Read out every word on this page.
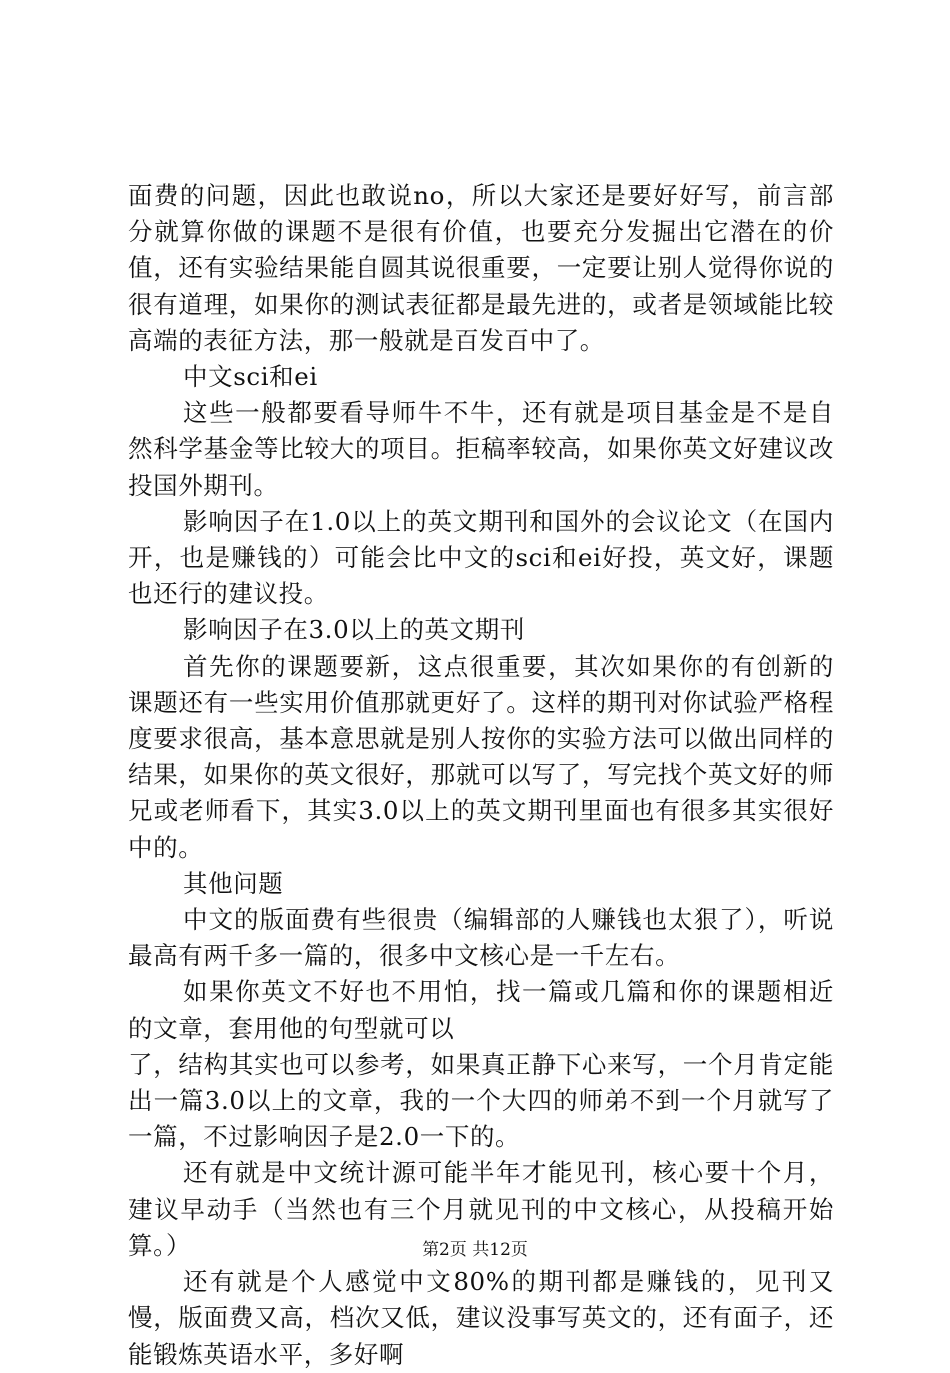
面费的问题，因此也敢说no，所以大家还是要好好写，前言部分就算你做的课题不是很有价值，也要充分发掘出它潜在的价值，还有实验结果能自圆其说很重要，一定要让别人觉得你说的很有道理，如果你的测试表征都是最先进的，或者是领域能比较高端的表征方法，那一般就是百发百中了。

中文sci和ei

这些一般都要看导师牛不牛，还有就是项目基金是不是自然科学基金等比较大的项目。拒稿率较高，如果你英文好建议改投国外期刊。

影响因子在1.0以上的英文期刊和国外的会议论文（在国内开，也是赚钱的）可能会比中文的sci和ei好投，英文好，课题也还行的建议投。

影响因子在3.0以上的英文期刊

首先你的课题要新，这点很重要，其次如果你的有创新的课题还有一些实用价值那就更好了。这样的期刊对你试验严格程度要求很高，基本意思就是别人按你的实验方法可以做出同样的结果，如果你的英文很好，那就可以写了，写完找个英文好的师兄或老师看下，其实3.0以上的英文期刊里面也有很多其实很好中的。

其他问题

中文的版面费有些很贵（编辑部的人赚钱也太狠了），听说最高有两千多一篇的，很多中文核心是一千左右。

如果你英文不好也不用怕，找一篇或几篇和你的课题相近的文章，套用他的句型就可以

了，结构其实也可以参考，如果真正静下心来写，一个月肯定能出一篇3.0以上的文章，我的一个大四的师弟不到一个月就写了一篇，不过影响因子是2.0一下的。

还有就是中文统计源可能半年才能见刊，核心要十个月，建议早动手（当然也有三个月就见刊的中文核心，从投稿开始算。）

还有就是个人感觉中文80%的期刊都是赚钱的，见刊又慢，版面费又高，档次又低，建议没事写英文的，还有面子，还能锻炼英语水平，多好啊

第2页 共12页
